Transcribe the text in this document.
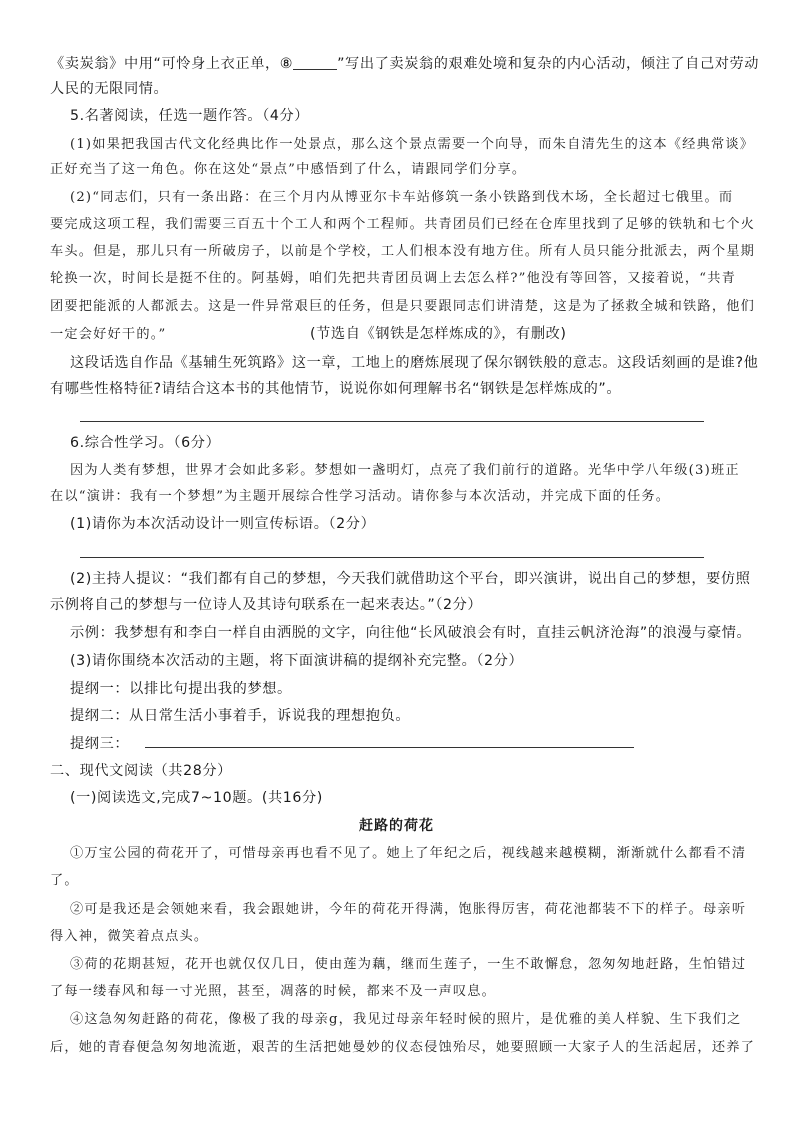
《卖炭翁》中用“可怜身上衣正单，⑧	”写出了卖炭翁的艰难处境和复杂的内心活动，倾注了自己对劳动
人民的无限同情。
5.名著阅读，任选一题作答。（4分）
(1)如果把我国古代文化经典比作一处景点，那么这个景点需要一个向导，而朱自清先生的这本《经典常谈》
正好充当了这一角色。你在这处“景点”中感悟到了什么，请跟同学们分享。
(2)“同志们，只有一条出路：在三个月内从博亚尔卡车站修筑一条小铁路到伐木场，全长超过七俄里。而
要完成这项工程，我们需要三百五十个工人和两个工程师。共青团员们已经在仓库里找到了足够的铁轨和七个火
车头。但是，那儿只有一所破房子，以前是个学校，工人们根本没有地方住。所有人员只能分批派去，两个星期
轮换一次，时间长是挺不住的。阿基姆，咱们先把共青团员调上去怎么样?”他没有等回答，又接着说，“共青
团要把能派的人都派去。这是一件异常艰巨的任务，但是只要跟同志们讲清楚，这是为了拯救全城和铁路，他们
一定会好好干的。”	(节选自《钢铁是怎样炼成的》，有删改)
这段话选自作品《基辅生死筑路》这一章，工地上的磨炼展现了保尔钢铁般的意志。这段话刻画的是谁?他
有哪些性格特征?请结合这本书的其他情节，说说你如何理解书名“钢铁是怎样炼成的”。
6.综合性学习。（6分）
因为人类有梦想，世界才会如此多彩。梦想如一盏明灯，点亮了我们前行的道路。光华中学八年级(3)班正
在以“演讲：我有一个梦想”为主题开展综合性学习活动。请你参与本次活动，并完成下面的任务。
(1)请你为本次活动设计一则宣传标语。（2分）
(2)主持人提议：“我们都有自己的梦想，今天我们就借助这个平台，即兴演讲，说出自己的梦想，要仿照
示例将自己的梦想与一位诗人及其诗句联系在一起来表达。”（2分）
示例：我梦想有和李白一样自由洒脱的文字，向往他“长风破浪会有时，直挂云帆济沧海”的浪漫与豪情。
(3)请你围绕本次活动的主题，将下面演讲稿的提纲补充完整。（2分）
提纲一：以排比句提出我的梦想。
提纲二：从日常生活小事着手，诉说我的理想抱负。
提纲三：
二、现代文阅读（共28分）
(一)阅读选文,完成7~10题。(共16分)
赶路的荷花
①万宝公园的荷花开了，可惜母亲再也看不见了。她上了年纪之后，视线越来越模糊，渐渐就什么都看不清
了。
②可是我还是会领她来看，我会跟她讲，今年的荷花开得满，饱胀得厉害，荷花池都装不下的样子。母亲听
得入神，微笑着点点头。
③荷的花期甚短，花开也就仅仅几日，使由莲为藕，继而生莲子，一生不敢懈怠，忽匆匆地赶路，生怕错过
了每一缕春风和每一寸光照，甚至，凋落的时候，都来不及一声叹息。
④这急匆匆赶路的荷花，像极了我的母亲g，我见过母亲年轻时候的照片，是优雅的美人样貌、生下我们之
后，她的青春便急匆匆地流逝，艰苦的生活把她曼妙的仪态侵蚀殆尽，她要照顾一大家子人的生活起居，还养了
